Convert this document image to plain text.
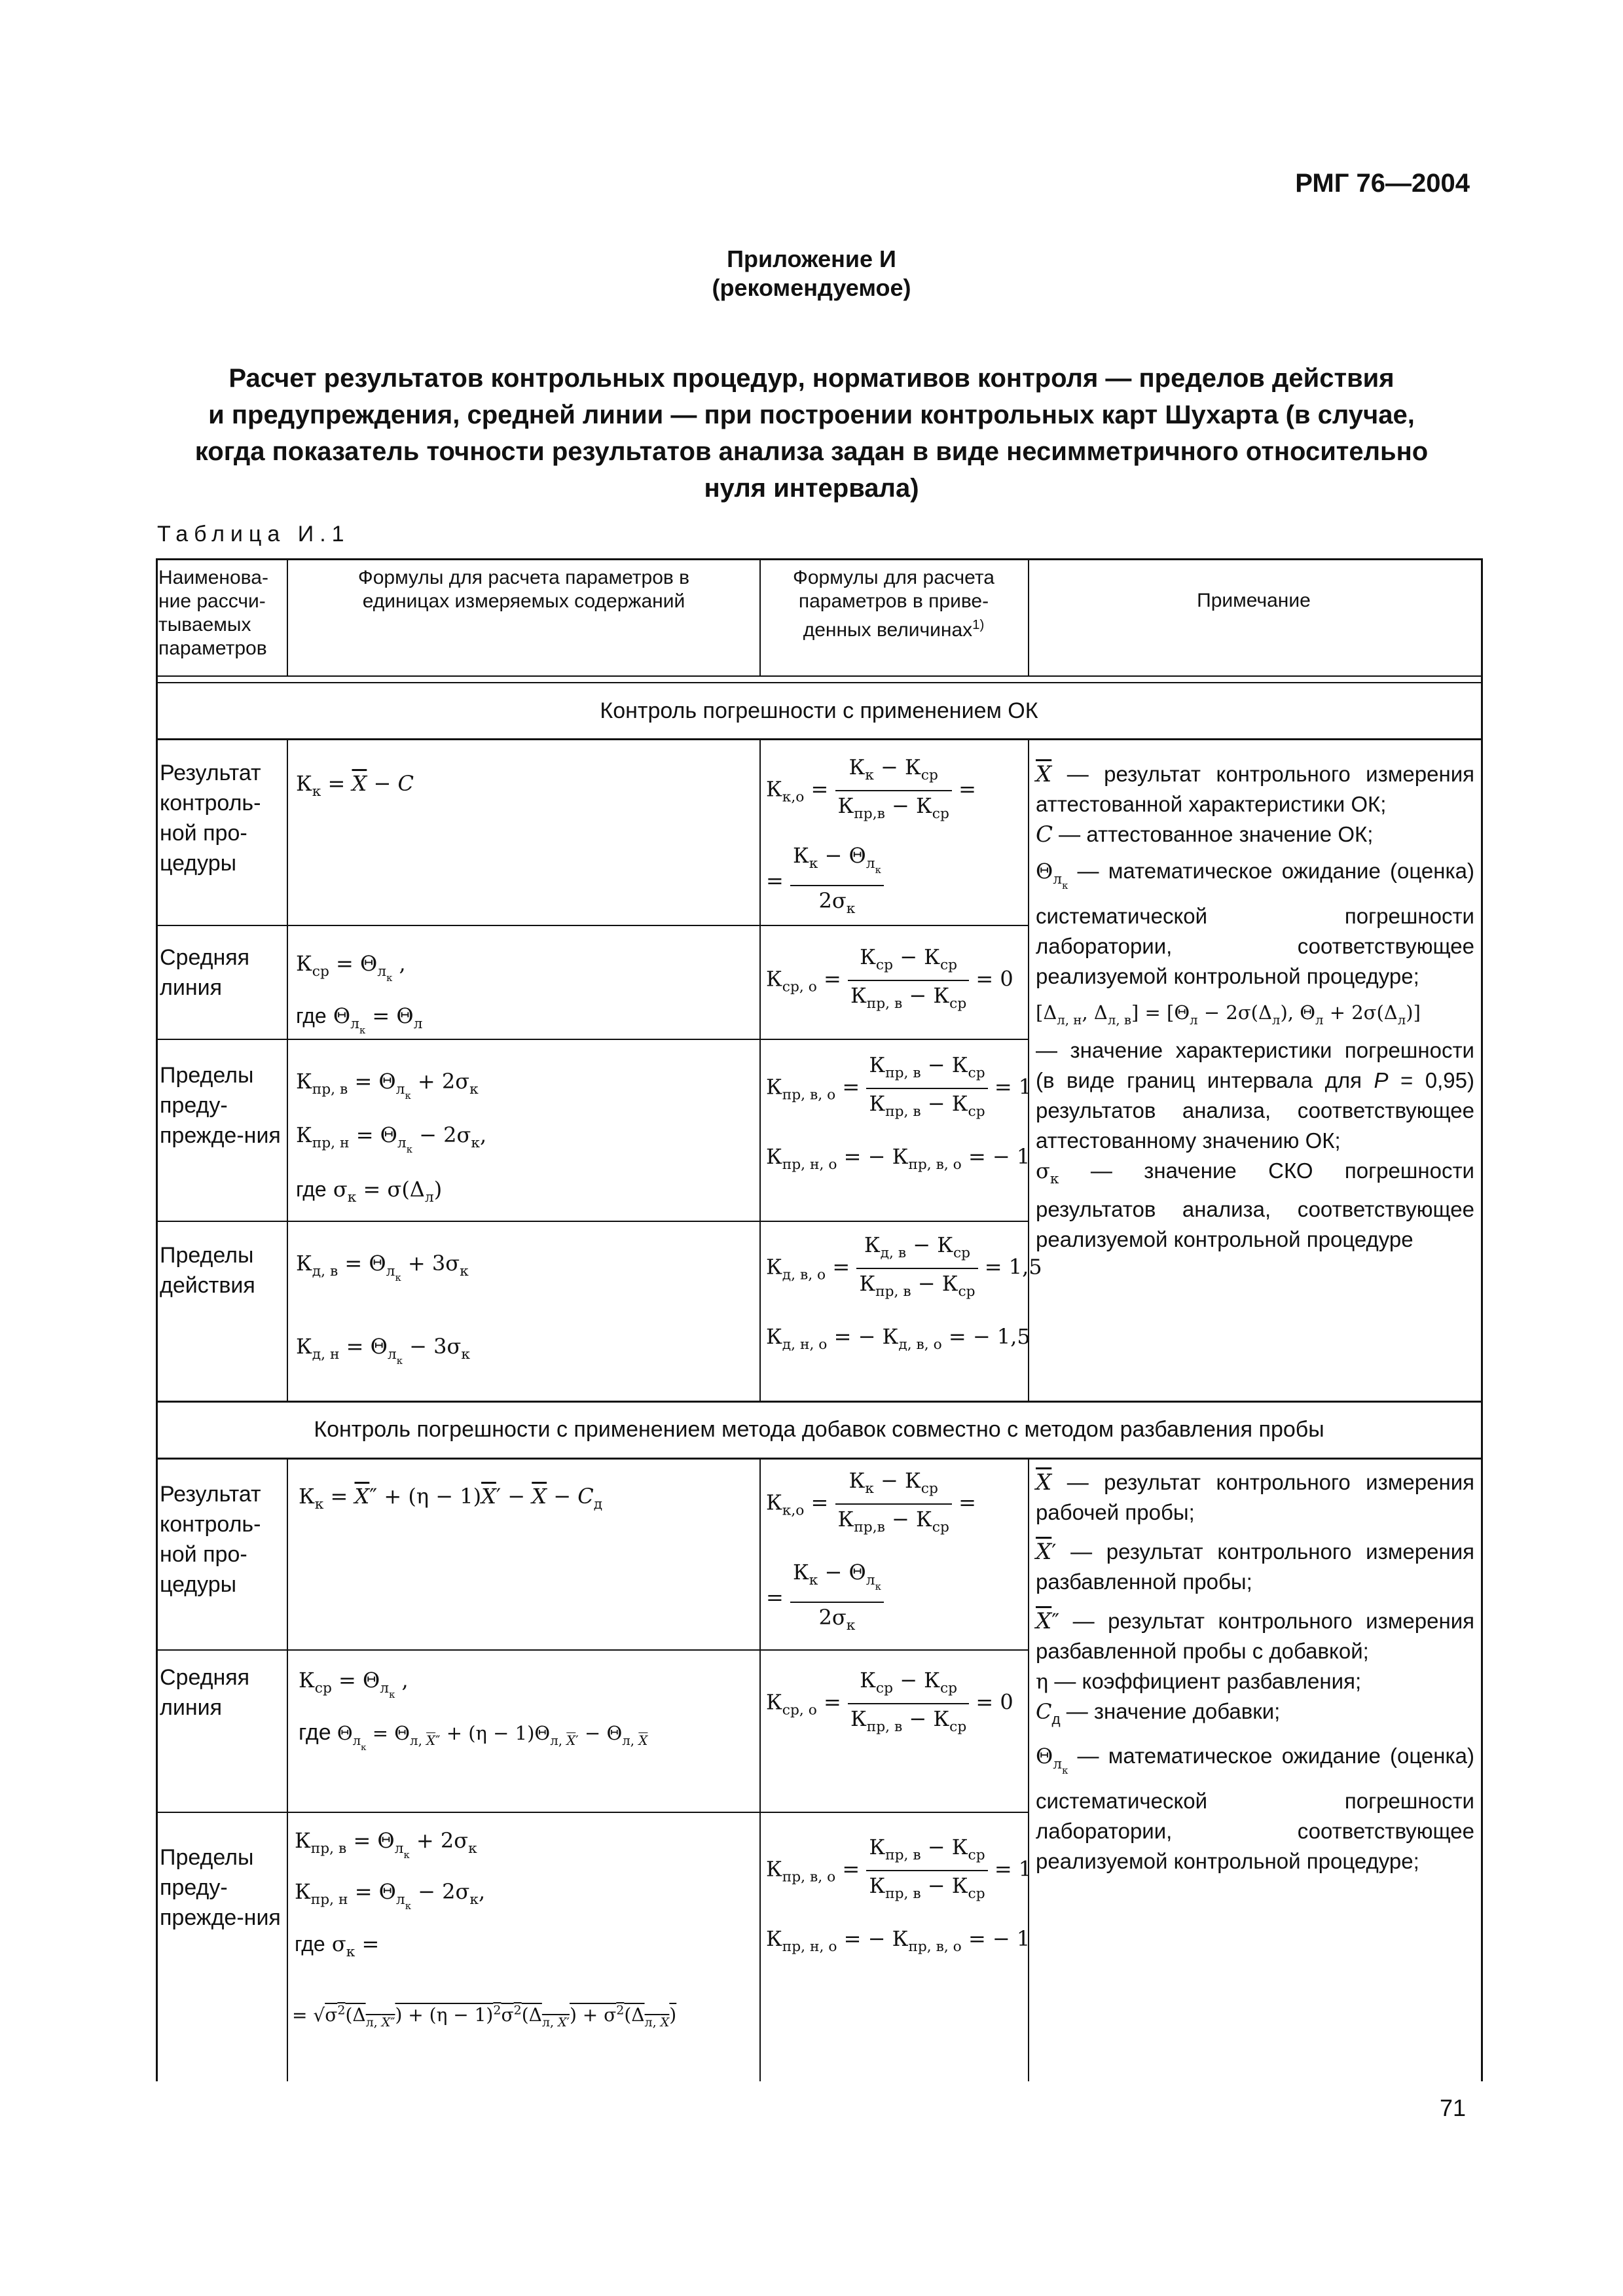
РМГ 76—2004
Приложение И
(рекомендуемое)
Расчет результатов контрольных процедур, нормативов контроля — пределов действия
и предупреждения, средней линии — при построении контрольных карт Шухарта (в случае,
когда показатель точности результатов анализа задан в виде несимметричного относительно
нуля интервала)
Таблица И.1
Наименова-ние рассчи-тываемых параметров
Формулы для расчета параметров в единицах измеряемых содержаний
Формулы для расчета параметров в приве-денных величинах$^{1)}$
Примечание
Контроль погрешности с применением ОК
Результат контроль-ной про-цедуры
Средняя линия
Пределы преду-прежде-ния
Пределы действия
$К_к = \overline{X} - C$
$К_{ср} = \Theta_{л_к}$ ,
где $\Theta_{л_к} = \Theta_л$
$К_{пр, в} = \Theta_{л_к} + 2\sigma_к$
$К_{пр, н} = \Theta_{л_к} - 2\sigma_к$,
где $\sigma_к = \sigma(\Delta_л)$
$К_{д, в} = \Theta_{л_к} + 3\sigma_к$
$К_{д, н} = \Theta_{л_к} - 3\sigma_к$
$К_{к,о} = \frac{К_к - К_{ср}}{К_{пр,в} - К_{ср}}$ =
= $\frac{К_к - \Theta_{л_к}}{2\sigma_к}$
$К_{ср, о} = \frac{К_{ср} - К_{ср}}{К_{пр, в} - К_{ср}} = 0$
$К_{пр, в, о} = \frac{К_{пр, в} - К_{ср}}{К_{пр, в} - К_{ср}} = 1$
$К_{пр, н, о}$ = − $К_{пр, в, о}$ = − 1
$К_{д, в, о} = \frac{К_{д, в} - К_{ср}}{К_{пр, в} - К_{ср}} = 1,5$
$К_{д, н, о}$ = − $К_{д, в, о}$ = − 1,5
$\overline{X}$ — результат контрольного измерения аттестованной характеристики ОК;
C — аттестованное значение ОК;
$\Theta_{л_к}$ — математическое ожидание (оценка) систематической погрешности лаборатории, соответствующее реализуемой контрольной процедуре;
[$\Delta_{л, н}$, $\Delta_{л, в}] = [\Theta_л - 2\sigma(\Delta_л)$, $\Theta_л + 2\sigma(\Delta_л)$]
— значение характеристики погрешности (в виде границ интервала для P = 0,95) результатов анализа, соответствующее аттестованному значению ОК;
$\sigma_к$ — значение СКО погрешности результатов анализа, соответствующее реализуемой контрольной процедуре
Контроль погрешности с применением метода добавок совместно с методом разбавления пробы
Результат контроль-ной про-цедуры
Средняя линия
Пределы преду-прежде-ния
$К_к = \overline{X}'' + (\eta - 1)\overline{X}' - \overline{X} - C_д$
$К_{ср} = \Theta_{л_к}$ ,
где $\Theta_{л_к} = \Theta_{л, \overline{X}''} + (\eta - 1)\Theta_{л, \overline{X}'} - \Theta_{л, \overline{X}}$
$К_{пр, в} = \Theta_{л_к} + 2\sigma_к$
$К_{пр, н} = \Theta_{л_к} - 2\sigma_к$,
где $\sigma_к$ =
= $√\sigma^2(\Delta_{л, X''}) + (\eta - 1)^2\sigma^2(\Delta_{л, X'}) + \sigma^2(\Delta_{л, X})$
$К_{к,о} = \frac{К_к - К_{ср}}{К_{пр,в} - К_{ср}}$ =
= $\frac{К_к - \Theta_{л_к}}{2\sigma_к}$
$К_{ср, о} = \frac{К_{ср} - К_{ср}}{К_{пр, в} - К_{ср}} = 0$
$К_{пр, в, о} = \frac{К_{пр, в} - К_{ср}}{К_{пр, в} - К_{ср}} = 1$
$К_{пр, н, о}$ = − $К_{пр, в, о}$ = − 1
$\overline{X}$ — результат контрольного измерения рабочей пробы;
$\overline{X}'$ — результат контрольного измерения разбавленной пробы;
$\overline{X}''$ — результат контрольного измерения разбавленной пробы с добавкой;
η — коэффициент разбавления;
$C_д$ — значение добавки;
$\Theta_{л_к}$ — математическое ожидание (оценка) систематической погрешности лаборатории, соответствующее реализуемой контрольной процедуре;
71
